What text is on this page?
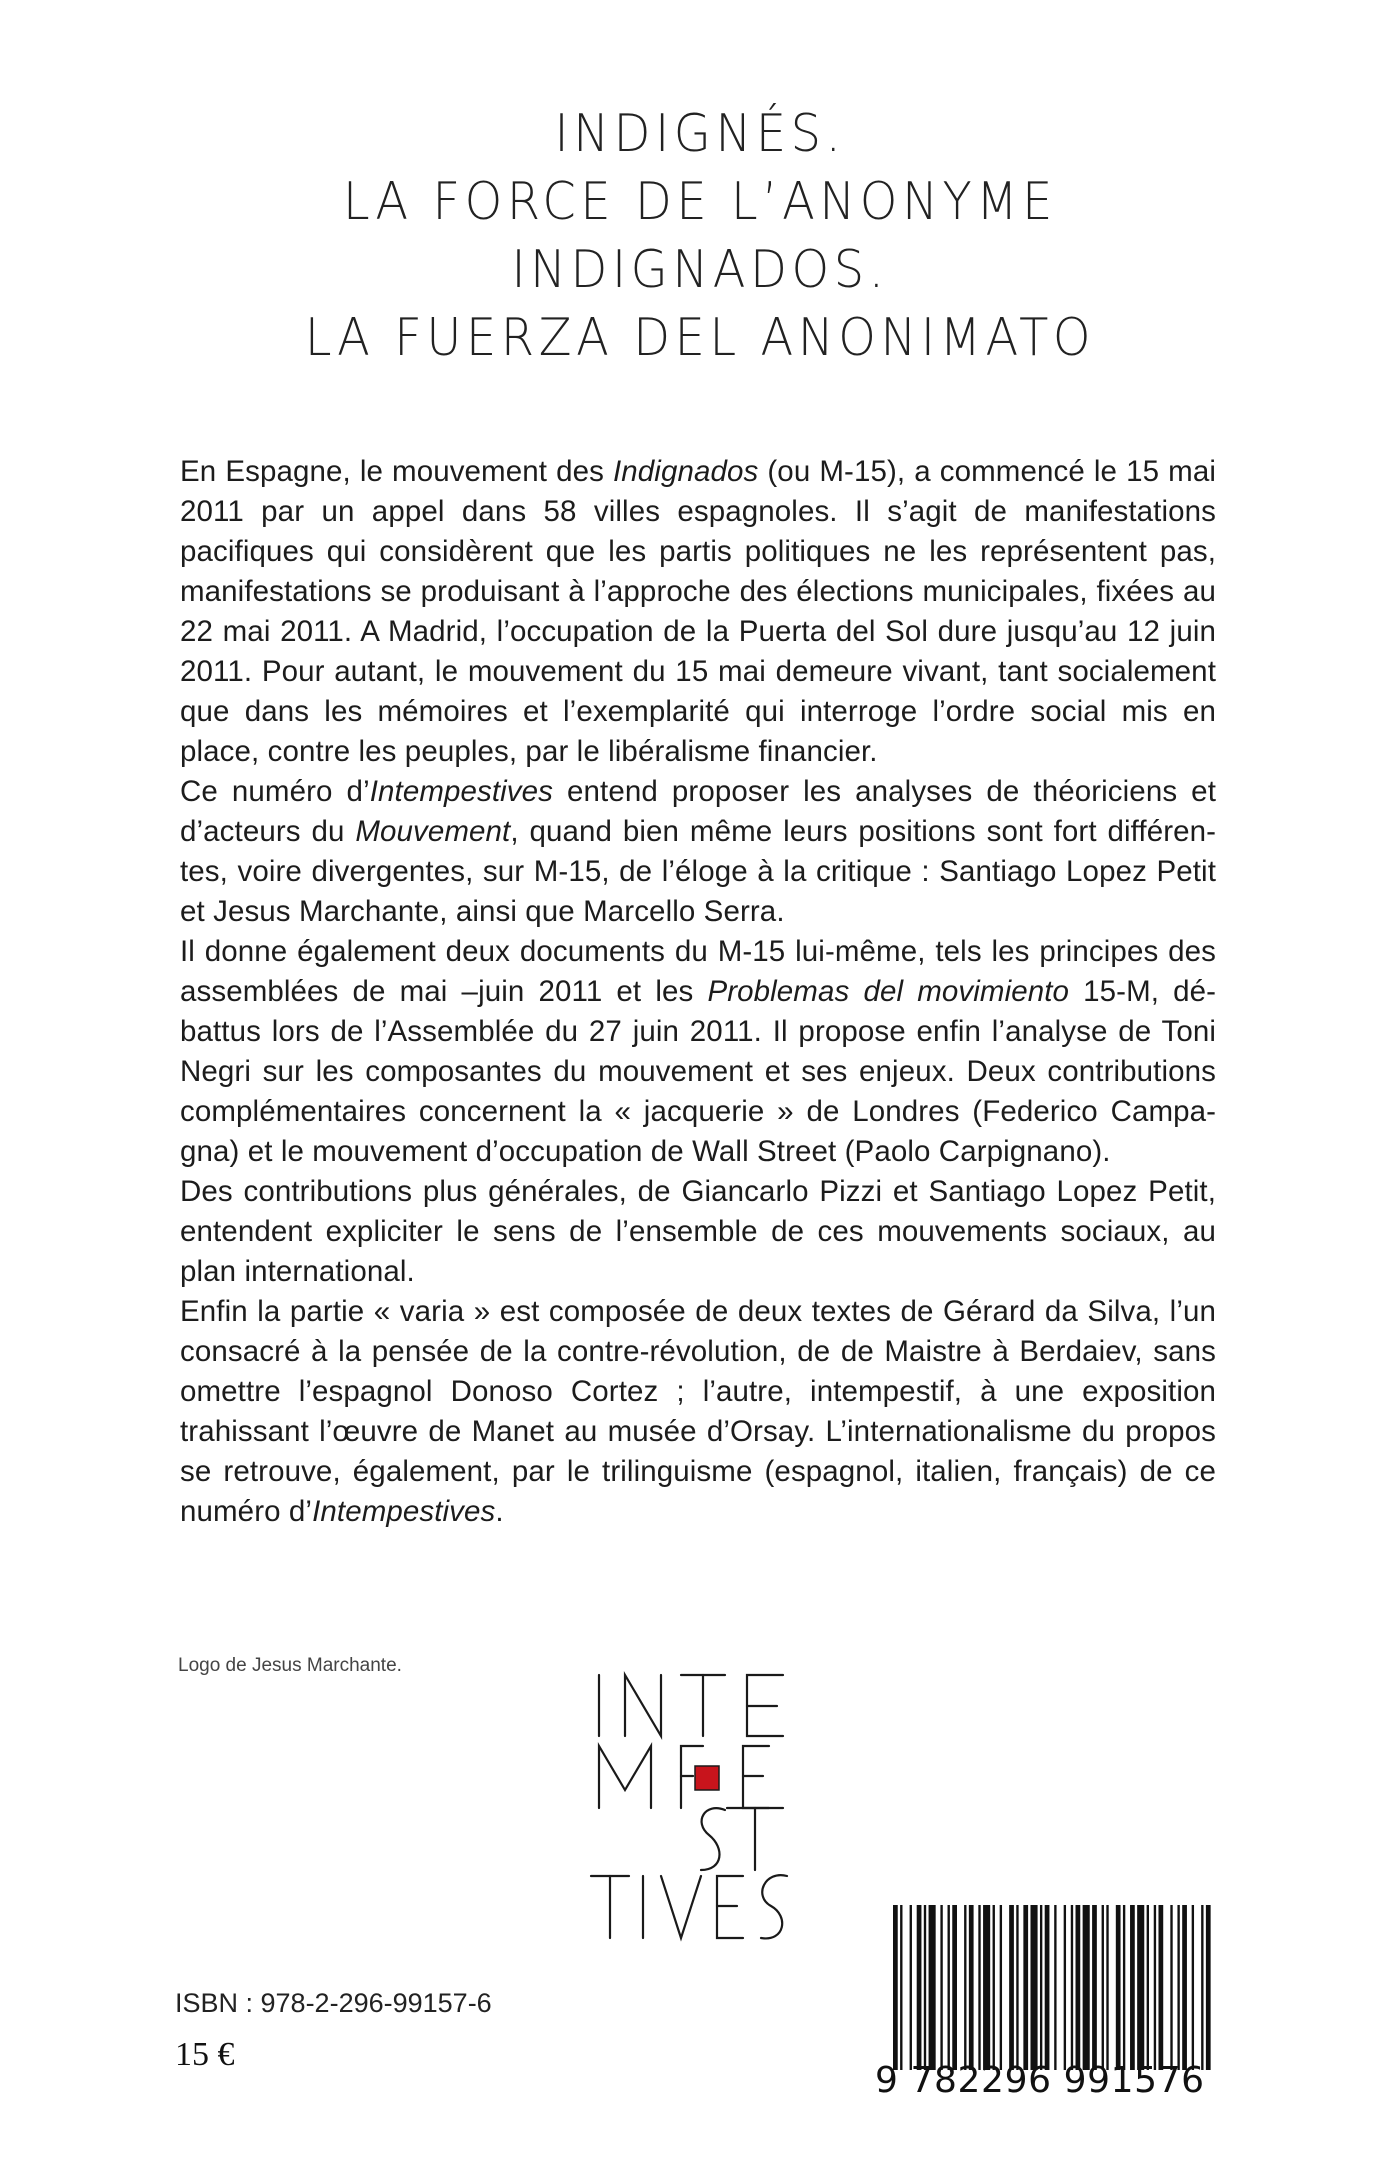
INDIGNÉS.
LA FORCE DE L’ANONYME
INDIGNADOS.
LA FUERZA DEL ANONIMATO

En Espagne, le mouvement des Indignados (ou M-15), a commencé le 15 mai 2011 par un appel dans 58 villes espagnoles. Il s’agit de manifestations pacifiques qui considèrent que les partis politiques ne les représentent pas, manifestations se produisant à l’approche des élections municipales, fixées au 22 mai 2011. A Madrid, l’occupation de la Puerta del Sol dure jusqu’au 12 juin 2011. Pour autant, le mouvement du 15 mai demeure vivant, tant socialement que dans les mémoires et l’exemplarité qui interroge l’ordre social mis en place, contre les peuples, par le libéralisme financier.

Ce numéro d’Intempestives entend proposer les analyses de théoriciens et d’acteurs du Mouvement, quand bien même leurs positions sont fort différentes, voire divergentes, sur M-15, de l’éloge à la critique : Santiago Lopez Petit et Jesus Marchante, ainsi que Marcello Serra.

Il donne également deux documents du M-15 lui-même, tels les principes des assemblées de mai –juin 2011 et les Problemas del movimiento 15-M, débattus lors de l’Assemblée du 27 juin 2011. Il propose enfin l’analyse de Toni Negri sur les composantes du mouvement et ses enjeux. Deux contributions complémentaires concernent la « jacquerie » de Londres (Federico Campagna) et le mouvement d’occupation de Wall Street (Paolo Carpignano).

Des contributions plus générales, de Giancarlo Pizzi et Santiago Lopez Petit, entendent expliciter le sens de l’ensemble de ces mouvements sociaux, au plan international.

Enfin la partie « varia » est composée de deux textes de Gérard da Silva, l’un consacré à la pensée de la contre-révolution, de de Maistre à Berdaiev, sans omettre l’espagnol Donoso Cortez ; l’autre, intempestif, à une exposition trahissant l’œuvre de Manet au musée d’Orsay. L’internationalisme du propos se retrouve, également, par le trilinguisme (espagnol, italien, français) de ce numéro d’Intempestives.

Logo de Jesus Marchante.
ISBN : 978-2-296-99157-6
15 €
9 782296 991576
